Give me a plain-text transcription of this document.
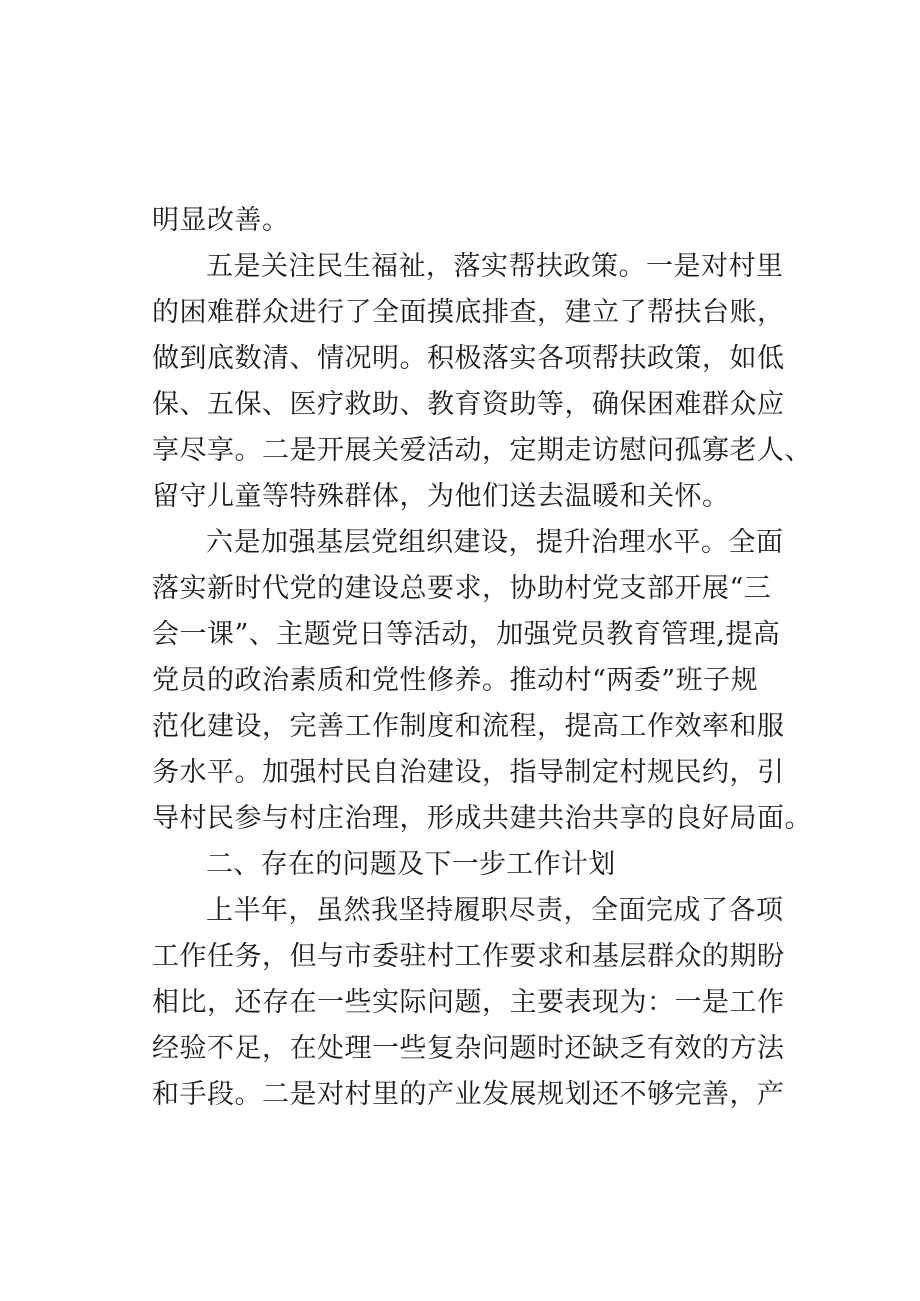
明显改善。
五是关注民生福祉，落实帮扶政策。一是对村里
的困难群众进行了全面摸底排查，建立了帮扶台账，
做到底数清、情况明。积极落实各项帮扶政策，如低
保、五保、医疗救助、教育资助等，确保困难群众应
享尽享。二是开展关爱活动，定期走访慰问孤寡老人、
留守儿童等特殊群体，为他们送去温暖和关怀。
六是加强基层党组织建设，提升治理水平。全面
落实新时代党的建设总要求，协助村党支部开展“三
会一课”、主题党日等活动，加强党员教育管理,提高
党员的政治素质和党性修养。推动村“两委”班子规
范化建设，完善工作制度和流程，提高工作效率和服
务水平。加强村民自治建设，指导制定村规民约，引
导村民参与村庄治理，形成共建共治共享的良好局面。
二、存在的问题及下一步工作计划
上半年，虽然我坚持履职尽责，全面完成了各项
工作任务，但与市委驻村工作要求和基层群众的期盼
相比，还存在一些实际问题，主要表现为：一是工作
经验不足，在处理一些复杂问题时还缺乏有效的方法
和手段。二是对村里的产业发展规划还不够完善，产
